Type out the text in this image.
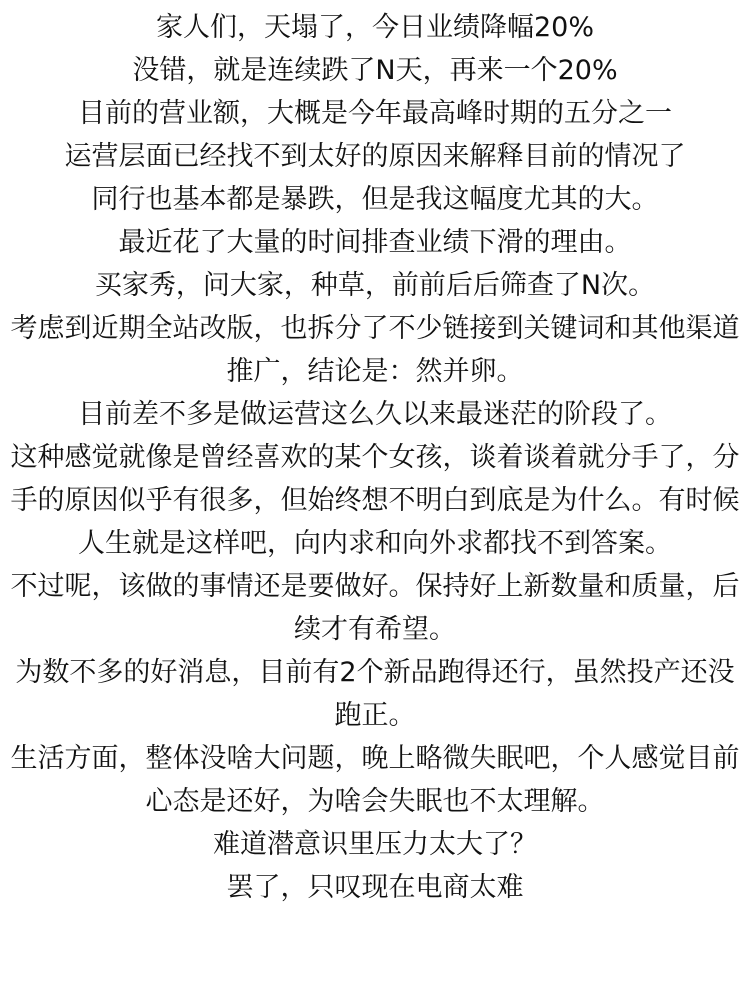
家人们，天塌了，今日业绩降幅20%

没错，就是连续跌了N天，再来一个20%

目前的营业额，大概是今年最高峰时期的五分之一

运营层面已经找不到太好的原因来解释目前的情况了

同行也基本都是暴跌，但是我这幅度尤其的大。

最近花了大量的时间排查业绩下滑的理由。

买家秀，问大家，种草，前前后后筛查了N次。

考虑到近期全站改版，也拆分了不少链接到关键词和其他渠道推广，结论是：然并卵。

目前差不多是做运营这么久以来最迷茫的阶段了。

这种感觉就像是曾经喜欢的某个女孩，谈着谈着就分手了，分手的原因似乎有很多，但始终想不明白到底是为什么。有时候人生就是这样吧，向内求和向外求都找不到答案。

不过呢，该做的事情还是要做好。保持好上新数量和质量，后续才有希望。

为数不多的好消息，目前有2个新品跑得还行，虽然投产还没跑正。

生活方面，整体没啥大问题，晚上略微失眠吧，个人感觉目前心态是还好，为啥会失眠也不太理解。

难道潜意识里压力太大了？

罢了，只叹现在电商太难
